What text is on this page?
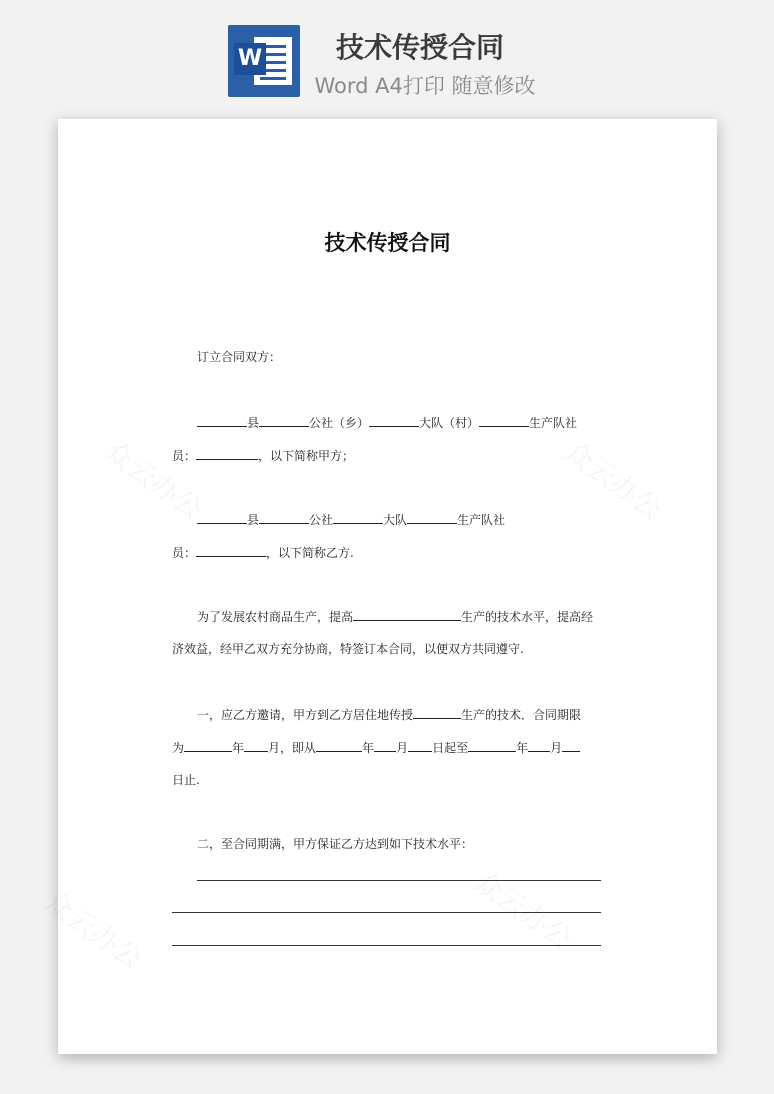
W	技术传授合同
Word A4打印 随意修改
技术传授合同
订立合同双方：
县	公社（乡）	大队（村）	生产队社
员：	，以下简称甲方；
县	公社	大队	生产队社
员：	，以下简称乙方.
为了发展农村商品生产，提高	生产的技术水平，提高经
济效益，经甲乙双方充分协商，特签订本合同，以便双方共同遵守.
一，应乙方邀请，甲方到乙方居住地传授	生产的技术．合同期限
为	年 月，即从	年 月 日起至	年 月
日止.
二，至合同期满，甲方保证乙方达到如下技术水平：
